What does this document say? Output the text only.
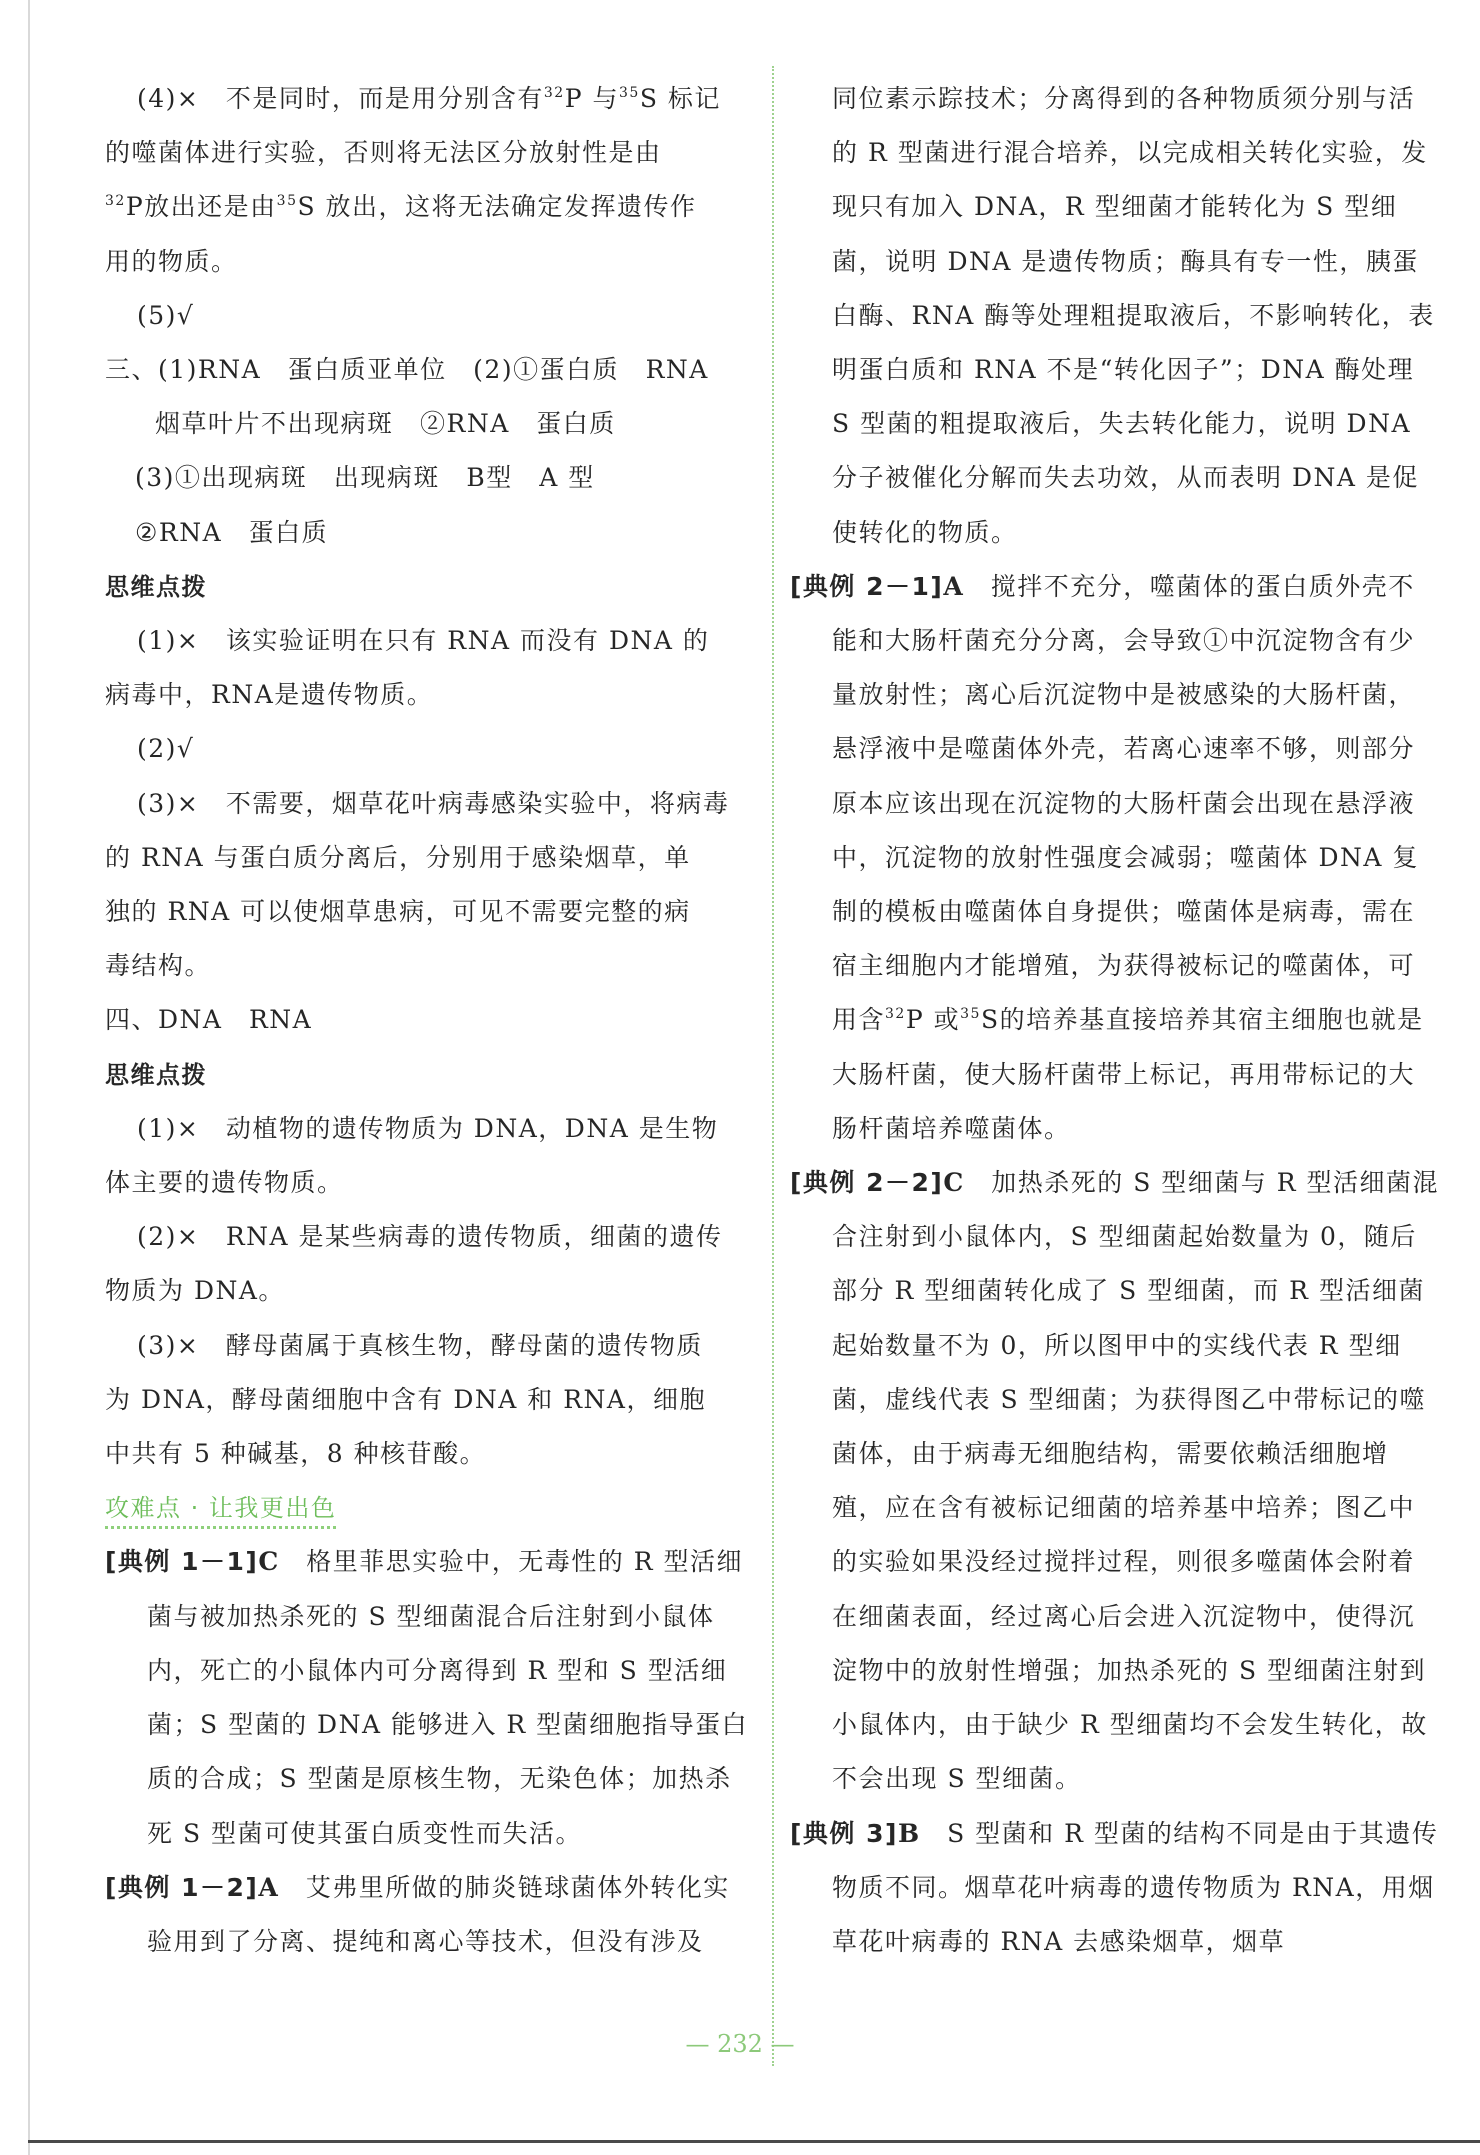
(4)×　不是同时，而是用分别含有$^{32}$P 与$^{35}$S 标记

的噬菌体进行实验，否则将无法区分放射性是由

$^{32}$P放出还是由$^{35}$S 放出，这将无法确定发挥遗传作

用的物质。

(5)√

三、(1)RNA　蛋白质亚单位　(2)①蛋白质　RNA

烟草叶片不出现病斑　②RNA　蛋白质

(3)①出现病斑　出现病斑　B型　A 型

②RNA　蛋白质

思维点拨

(1)×　该实验证明在只有 RNA 而没有 DNA 的

病毒中，RNA是遗传物质。

(2)√

(3)×　不需要，烟草花叶病毒感染实验中，将病毒

的 RNA 与蛋白质分离后，分别用于感染烟草，单

独的 RNA 可以使烟草患病，可见不需要完整的病

毒结构。

四、DNA　RNA

思维点拨

(1)×　动植物的遗传物质为 DNA，DNA 是生物

体主要的遗传物质。

(2)×　RNA 是某些病毒的遗传物质，细菌的遗传

物质为 DNA。

(3)×　酵母菌属于真核生物，酵母菌的遗传物质

为 DNA，酵母菌细胞中含有 DNA 和 RNA，细胞

中共有 5 种碱基，8 种核苷酸。

攻难点 · 让我更出色

[典例 1－1]C　 格里菲思实验中，无毒性的 R 型活细菌与被加热杀死的 S 型细菌混合后注射到小鼠体内，死亡的小鼠体内可分离得到 R 型和 S 型活细菌；S 型菌的 DNA 能够进入 R 型菌细胞指导蛋白质的合成；S 型菌是原核生物，无染色体；加热杀死 S 型菌可使其蛋白质变性而失活。

[典例 1－2]A　 艾弗里所做的肺炎链球菌体外转化实验用到了分离、提纯和离心等技术，但没有涉及

同位素示踪技术；分离得到的各种物质须分别与活的 R 型菌进行混合培养，以完成相关转化实验，发现只有加入 DNA，R 型细菌才能转化为 S 型细菌，说明 DNA 是遗传物质；酶具有专一性，胰蛋白酶、RNA 酶等处理粗提取液后，不影响转化，表明蛋白质和 RNA 不是“转化因子”；DNA 酶处理 S 型菌的粗提取液后，失去转化能力，说明 DNA 分子被催化分解而失去功效，从而表明 DNA 是促使转化的物质。

[典例 2－1]A　 搅拌不充分，噬菌体的蛋白质外壳不能和大肠杆菌充分分离，会导致①中沉淀物含有少量放射性；离心后沉淀物中是被感染的大肠杆菌，悬浮液中是噬菌体外壳，若离心速率不够，则部分原本应该出现在沉淀物的大肠杆菌会出现在悬浮液中，沉淀物的放射性强度会减弱；噬菌体 DNA 复制的模板由噬菌体自身提供；噬菌体是病毒，需在宿主细胞内才能增殖，为获得被标记的噬菌体，可用含$^{32}$P 或$^{35}$S的培养基直接培养其宿主细胞也就是大肠杆菌，使大肠杆菌带上标记，再用带标记的大肠杆菌培养噬菌体。

[典例 2－2]C　 加热杀死的 S 型细菌与 R 型活细菌混合注射到小鼠体内，S 型细菌起始数量为 0，随后部分 R 型细菌转化成了 S 型细菌，而 R 型活细菌起始数量不为 0，所以图甲中的实线代表 R 型细菌，虚线代表 S 型细菌；为获得图乙中带标记的噬菌体，由于病毒无细胞结构，需要依赖活细胞增殖，应在含有被标记细菌的培养基中培养；图乙中的实验如果没经过搅拌过程，则很多噬菌体会附着在细菌表面，经过离心后会进入沉淀物中，使得沉淀物中的放射性增强；加热杀死的 S 型细菌注射到小鼠体内，由于缺少 R 型细菌均不会发生转化，故不会出现 S 型细菌。

[典例 3]B　 S 型菌和 R 型菌的结构不同是由于其遗传物质不同。烟草花叶病毒的遗传物质为 RNA，用烟草花叶病毒的 RNA 去感染烟草，烟草

— 232 —
